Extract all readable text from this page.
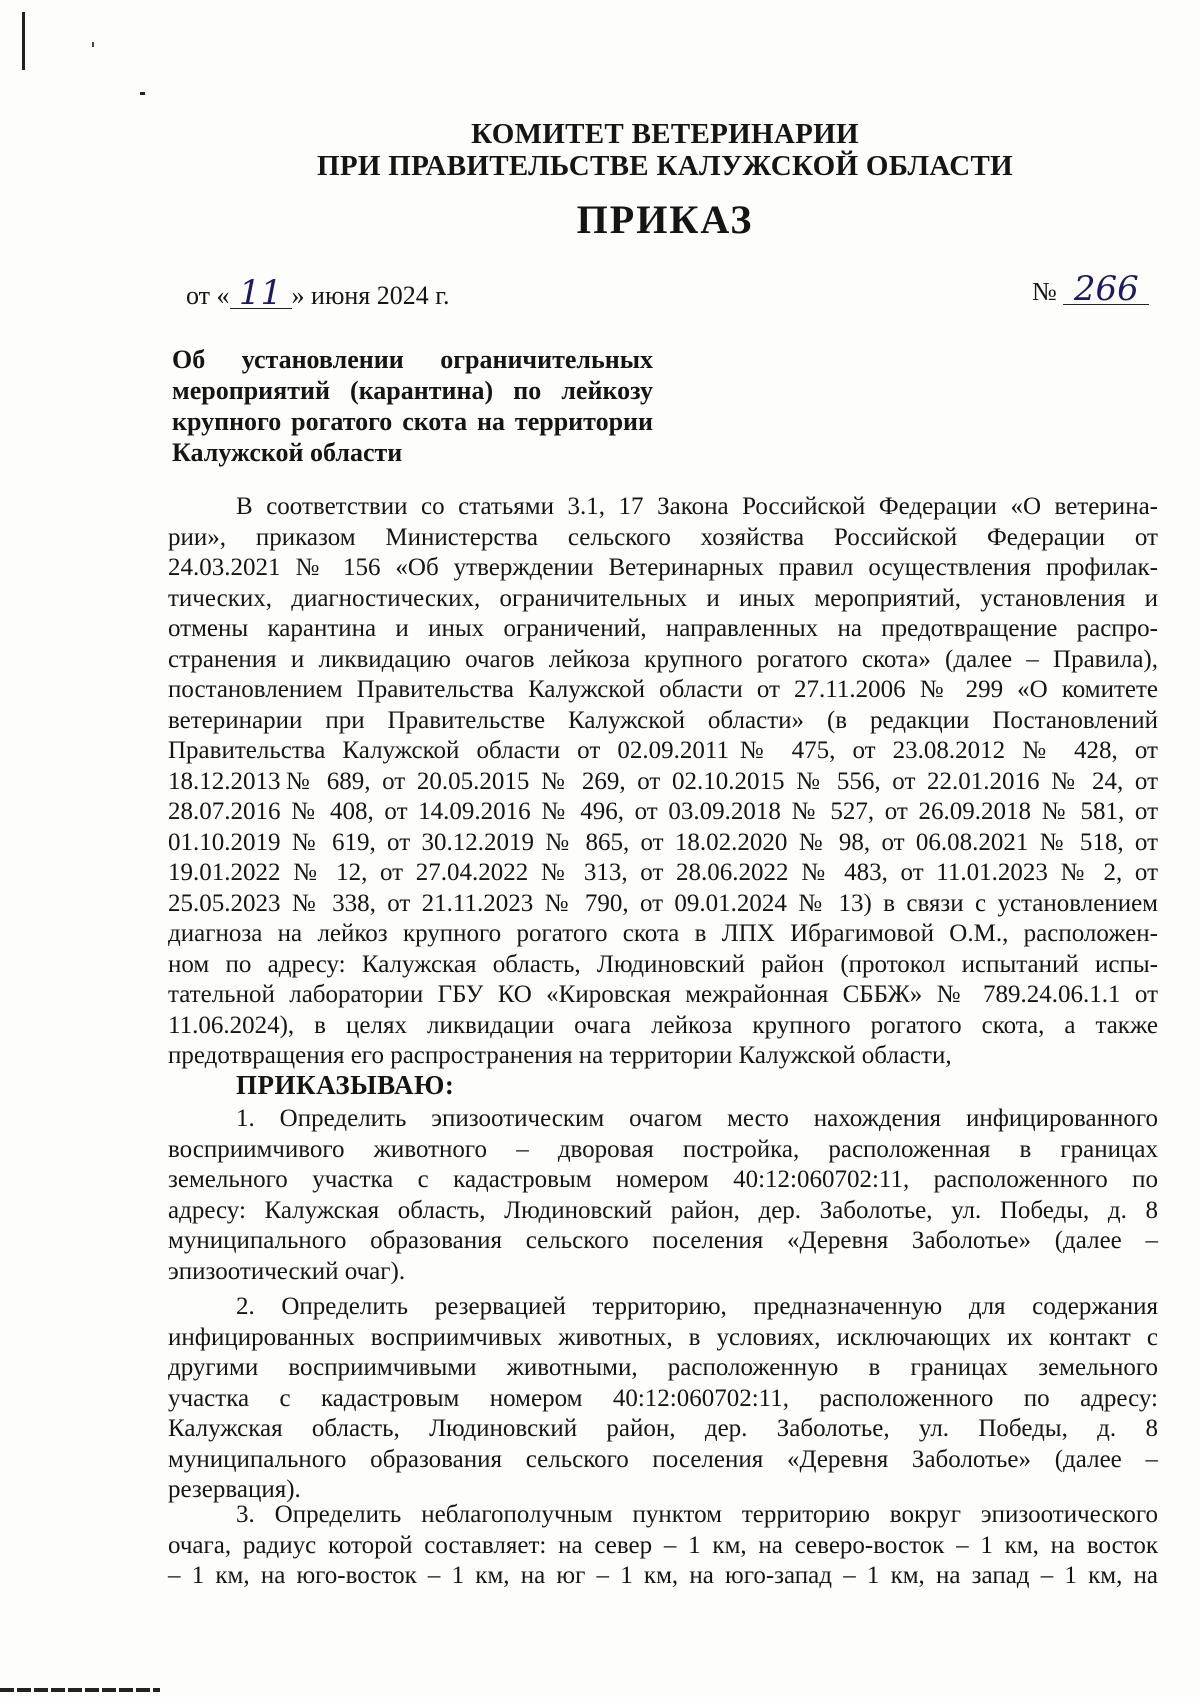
КОМИТЕТ ВЕТЕРИНАРИИ
ПРИ ПРАВИТЕЛЬСТВЕ КАЛУЖСКОЙ ОБЛАСТИ
ПРИКАЗ
от « 11 » июня 2024 г.	№ 266
Об установлении ограничительных
мероприятий (карантина) по лейкозу
крупного рогатого скота на территории
Калужской области
В соответствии со статьями 3.1, 17 Закона Российской Федерации «О ветерина-
рии», приказом Министерства сельского хозяйства Российской Федерации от
24.03.2021 № 156 «Об утверждении Ветеринарных правил осуществления профилак-
тических, диагностических, ограничительных и иных мероприятий, установления и
отмены карантина и иных ограничений, направленных на предотвращение распро-
странения и ликвидацию очагов лейкоза крупного рогатого скота» (далее – Правила),
постановлением Правительства Калужской области от 27.11.2006 № 299 «О комитете
ветеринарии при Правительстве Калужской области» (в редакции Постановлений
Правительства Калужской области от 02.09.2011№ 475, от 23.08.2012 № 428, от
18.12.2013№ 689, от 20.05.2015 № 269, от 02.10.2015 № 556, от 22.01.2016 № 24, от
28.07.2016 № 408, от 14.09.2016 № 496, от 03.09.2018 № 527, от 26.09.2018 № 581, от
01.10.2019 № 619, от 30.12.2019 № 865, от 18.02.2020 № 98, от 06.08.2021 № 518, от
19.01.2022 № 12, от 27.04.2022 № 313, от 28.06.2022 № 483, от 11.01.2023 № 2, от
25.05.2023 № 338, от 21.11.2023 № 790, от 09.01.2024 № 13) в связи с установлением
диагноза на лейкоз крупного рогатого скота в ЛПХ Ибрагимовой О.М., расположен-
ном по адресу: Калужская область, Людиновский район (протокол испытаний испы-
тательной лаборатории ГБУ КО «Кировская межрайонная СББЖ» № 789.24.06.1.1 от
11.06.2024), в целях ликвидации очага лейкоза крупного рогатого скота, а также
предотвращения его распространения на территории Калужской области,
ПРИКАЗЫВАЮ:
1. Определить эпизоотическим очагом место нахождения инфицированного
восприимчивого животного – дворовая постройка, расположенная в границах
земельного участка с кадастровым номером 40:12:060702:11, расположенного по
адресу: Калужская область, Людиновский район, дер. Заболотье, ул. Победы, д. 8
муниципального образования сельского поселения «Деревня Заболотье» (далее –
эпизоотический очаг).
2. Определить резервацией территорию, предназначенную для содержания
инфицированных восприимчивых животных, в условиях, исключающих их контакт с
другими восприимчивыми животными, расположенную в границах земельного
участка с кадастровым номером 40:12:060702:11, расположенного по адресу:
Калужская область, Людиновский район, дер. Заболотье, ул. Победы, д. 8
муниципального образования сельского поселения «Деревня Заболотье» (далее –
резервация).
3. Определить неблагополучным пунктом территорию вокруг эпизоотического
очага, радиус которой составляет: на север – 1 км, на северо-восток – 1 км, на восток
– 1 км, на юго-восток – 1 км, на юг – 1 км, на юго-запад – 1 км, на запад – 1 км, на
